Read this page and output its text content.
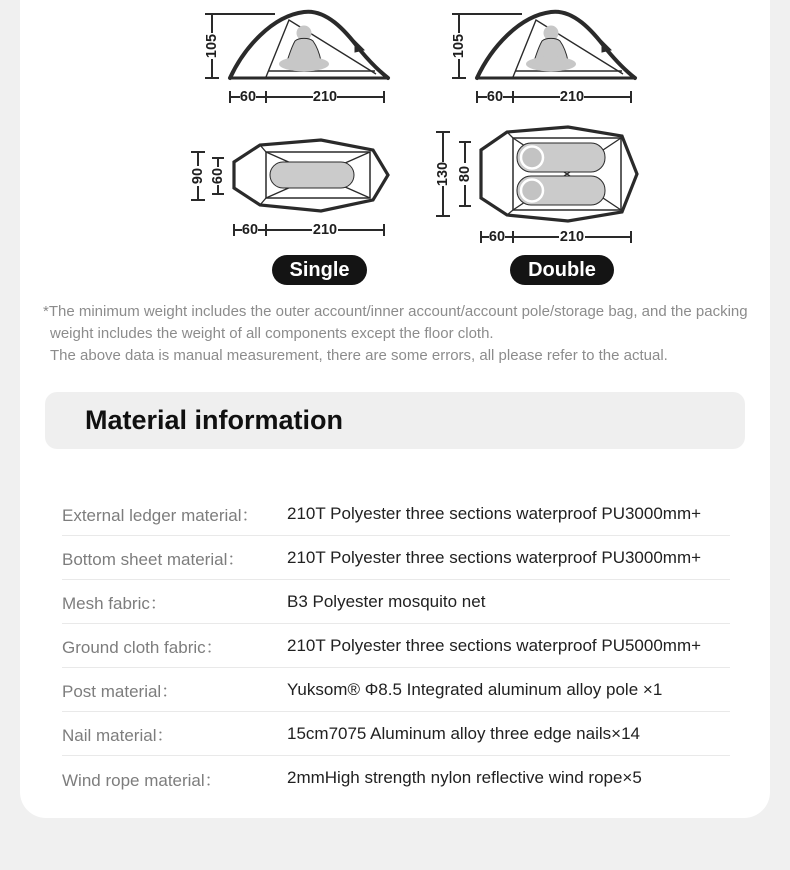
105
60	210
105
60	210
90 60
60	210
130 80
60	210
Single	Double

*The minimum weight includes the outer account/inner account/account pole/storage bag, and the packing weight includes the weight of all components except the floor cloth.

The above data is manual measurement, there are some errors, all please refer to the actual.

Material information
External ledger material：	210T Polyester three sections waterproof PU3000mm+
Bottom sheet material：	210T Polyester three sections waterproof PU3000mm+
Mesh fabric：	B3 Polyester mosquito net
Ground cloth fabric：	210T Polyester three sections waterproof PU5000mm+
Post material：	Yuksom® Φ8.5 Integrated aluminum alloy pole ×1
Nail material：	15cm7075 Aluminum alloy three edge nails×14
Wind rope material：	2mmHigh strength nylon reflective wind rope×5
